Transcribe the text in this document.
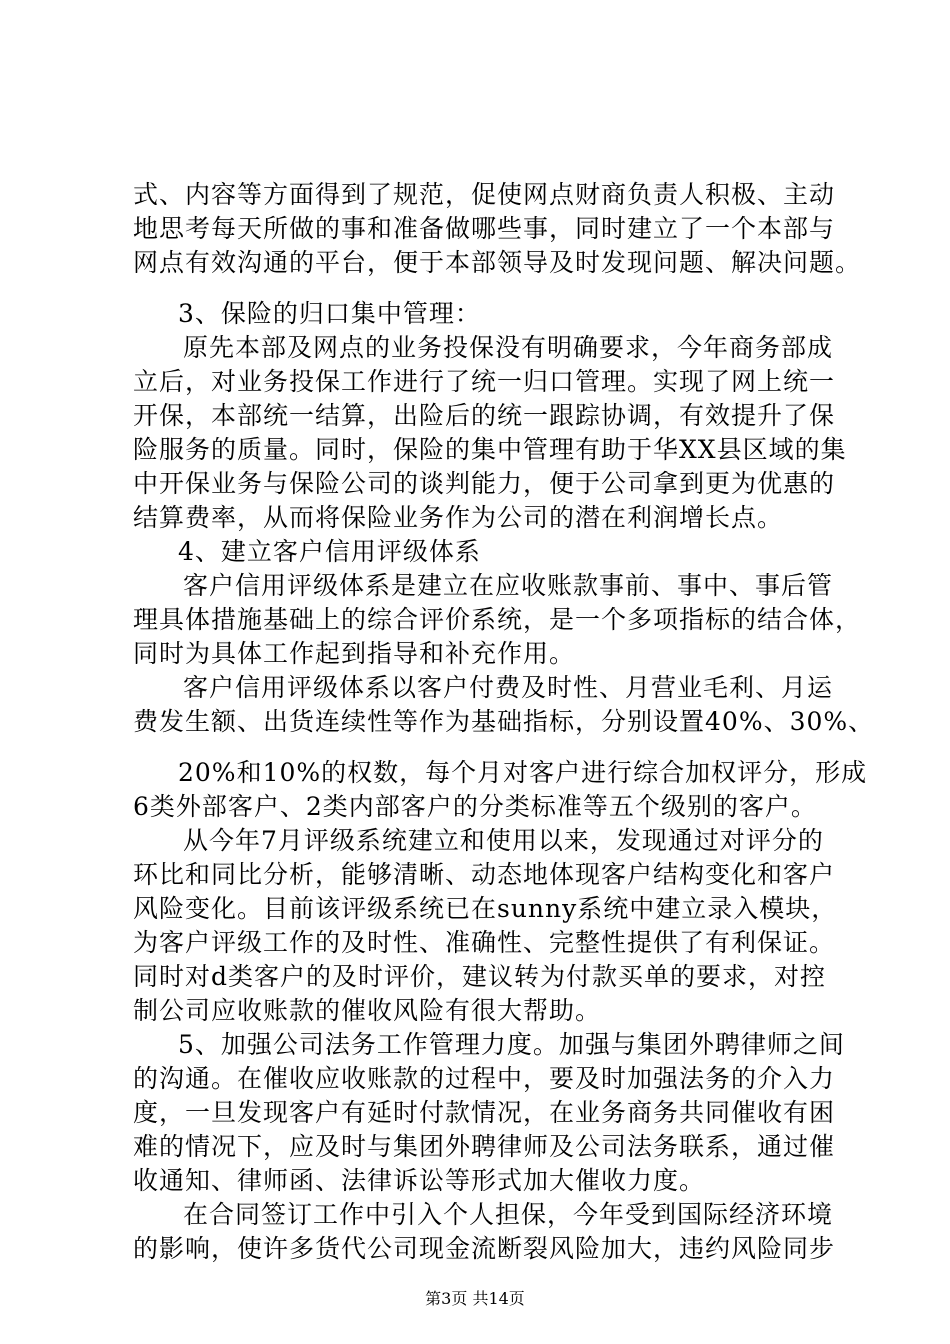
式、内容等方面得到了规范，促使网点财商负责人积极、主动
地思考每天所做的事和准备做哪些事，同时建立了一个本部与
网点有效沟通的平台，便于本部领导及时发现问题、解决问题。
3、保险的归口集中管理：
原先本部及网点的业务投保没有明确要求，今年商务部成
立后，对业务投保工作进行了统一归口管理。实现了网上统一
开保，本部统一结算，出险后的统一跟踪协调，有效提升了保
险服务的质量。同时，保险的集中管理有助于华XX县区域的集
中开保业务与保险公司的谈判能力，便于公司拿到更为优惠的
结算费率，从而将保险业务作为公司的潜在利润增长点。
4、建立客户信用评级体系
客户信用评级体系是建立在应收账款事前、事中、事后管
理具体措施基础上的综合评价系统，是一个多项指标的结合体，
同时为具体工作起到指导和补充作用。
客户信用评级体系以客户付费及时性、月营业毛利、月运
费发生额、出货连续性等作为基础指标，分别设置40%、30%、
20%和10%的权数，每个月对客户进行综合加权评分，形成
6类外部客户、2类内部客户的分类标准等五个级别的客户。
从今年7月评级系统建立和使用以来，发现通过对评分的
环比和同比分析，能够清晰、动态地体现客户结构变化和客户
风险变化。目前该评级系统已在sunny系统中建立录入模块，
为客户评级工作的及时性、准确性、完整性提供了有利保证。
同时对d类客户的及时评价，建议转为付款买单的要求，对控
制公司应收账款的催收风险有很大帮助。
5、加强公司法务工作管理力度。加强与集团外聘律师之间
的沟通。在催收应收账款的过程中，要及时加强法务的介入力
度，一旦发现客户有延时付款情况，在业务商务共同催收有困
难的情况下，应及时与集团外聘律师及公司法务联系，通过催
收通知、律师函、法律诉讼等形式加大催收力度。
在合同签订工作中引入个人担保，今年受到国际经济环境
的影响，使许多货代公司现金流断裂风险加大，违约风险同步
第3页 共14页
